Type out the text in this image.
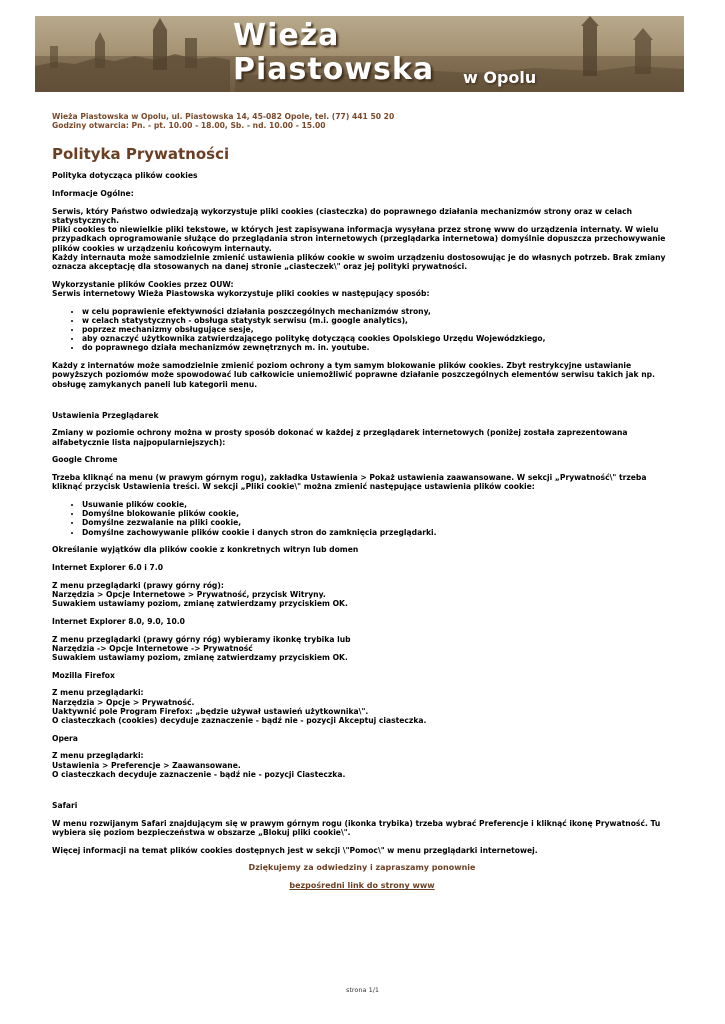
Wieża
Piastowska w Opolu
Wieża Piastowska w Opolu, ul. Piastowska 14, 45-082 Opole, tel. (77) 441 50 20
Godziny otwarcia: Pn. - pt. 10.00 - 18.00, Sb. - nd. 10.00 - 15.00
Polityka Prywatności

Polityka dotycząca plików cookies

Informacje Ogólne:

Serwis, który Państwo odwiedzają wykorzystuje pliki cookies (ciasteczka) do poprawnego działania mechanizmów strony oraz w celach statystycznych.
Pliki cookies to niewielkie pliki tekstowe, w których jest zapisywana informacja wysyłana przez stronę www do urządzenia internaty. W wielu przypadkach oprogramowanie służące do przeglądania stron internetowych (przeglądarka internetowa) domyślnie dopuszcza przechowywanie plików cookies w urządzeniu końcowym internauty.
Każdy internauta może samodzielnie zmienić ustawienia plików cookie w swoim urządzeniu dostosowując je do własnych potrzeb. Brak zmiany oznacza akceptację dla stosowanych na danej stronie „ciasteczek\" oraz jej polityki prywatności.

Wykorzystanie plików Cookies przez OUW:
Serwis internetowy Wieża Piastowska wykorzystuje pliki cookies w następujący sposób:

• w celu poprawienie efektywności działania poszczególnych mechanizmów strony,
• w celach statystycznych - obsługa statystyk serwisu (m.i. google analytics),
• poprzez mechanizmy obsługujące sesje,
• aby oznaczyć użytkownika zatwierdzającego politykę dotyczącą cookies Opolskiego Urzędu Wojewódzkiego,
• do poprawnego działa mechanizmów zewnętrznych m. in. youtube.

Każdy z internatów może samodzielnie zmienić poziom ochrony a tym samym blokowanie plików cookies. Zbyt restrykcyjne ustawianie powyższych poziomów może spowodować lub całkowicie uniemożliwić poprawne działanie poszczególnych elementów serwisu takich jak np. obsługę zamykanych paneli lub kategorii menu.

Ustawienia Przeglądarek

Zmiany w poziomie ochrony można w prosty sposób dokonać w każdej z przeglądarek internetowych (poniżej została zaprezentowana alfabetycznie lista najpopularniejszych):

Google Chrome

Trzeba kliknąć na menu (w prawym górnym rogu), zakładka Ustawienia > Pokaż ustawienia zaawansowane. W sekcji „Prywatność\" trzeba kliknąć przycisk Ustawienia treści. W sekcji „Pliki cookie\" można zmienić następujące ustawienia plików cookie:

• Usuwanie plików cookie,
• Domyślne blokowanie plików cookie,
• Domyślne zezwalanie na pliki cookie,
• Domyślne zachowywanie plików cookie i danych stron do zamknięcia przeglądarki.

Określanie wyjątków dla plików cookie z konkretnych witryn lub domen

Internet Explorer 6.0 i 7.0

Z menu przeglądarki (prawy górny róg):
Narzędzia > Opcje Internetowe > Prywatność, przycisk Witryny.
Suwakiem ustawiamy poziom, zmianę zatwierdzamy przyciskiem OK.

Internet Explorer 8.0, 9.0, 10.0

Z menu przeglądarki (prawy górny róg) wybieramy ikonkę trybika lub
Narzędzia -> Opcje Internetowe -> Prywatność
Suwakiem ustawiamy poziom, zmianę zatwierdzamy przyciskiem OK.

Mozilla Firefox

Z menu przeglądarki:
Narzędzia > Opcje > Prywatność.
Uaktywnić pole Program Firefox: „będzie używał ustawień użytkownika\".
O ciasteczkach (cookies) decyduje zaznaczenie - bądź nie - pozycji Akceptuj ciasteczka.

Opera

Z menu przeglądarki:
Ustawienia > Preferencje > Zaawansowane.
O ciasteczkach decyduje zaznaczenie - bądź nie - pozycji Ciasteczka.

Safari

W menu rozwijanym Safari znajdującym się w prawym górnym rogu (ikonka trybika) trzeba wybrać Preferencje i kliknąć ikonę Prywatność. Tu wybiera się poziom bezpieczeństwa w obszarze „Blokuj pliki cookie\".

Więcej informacji na temat plików cookies dostępnych jest w sekcji \"Pomoc\" w menu przeglądarki internetowej.

Dziękujemy za odwiedziny i zapraszamy ponownie
bezpośredni link do strony www
strona 1/1
